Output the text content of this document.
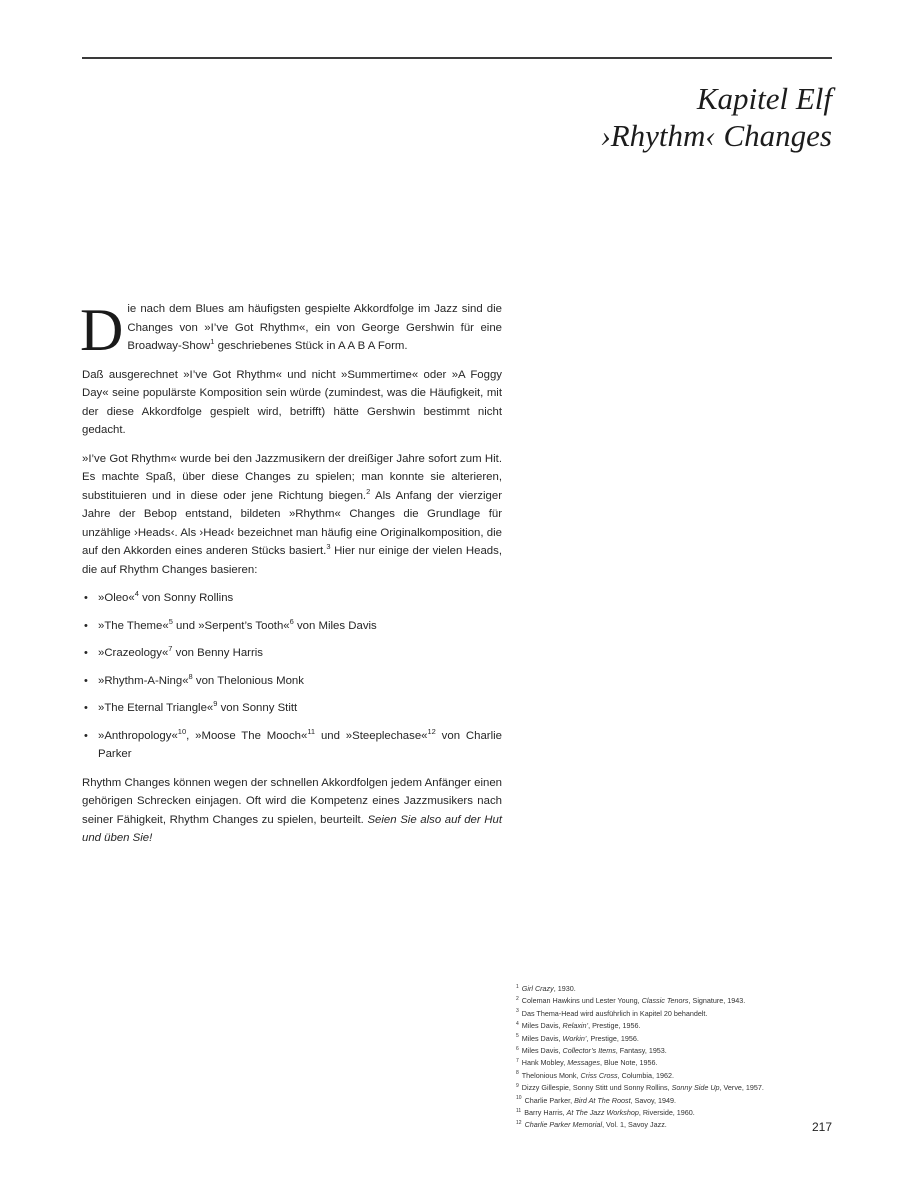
Kapitel Elf
›Rhythm‹ Changes

Die nach dem Blues am häufigsten gespielte Akkordfolge im Jazz sind die Changes von »I’ve Got Rhythm«, ein von George Gershwin für eine Broadway-Show$^1$ geschriebenes Stück in A A B A Form.

Daß ausgerechnet »I’ve Got Rhythm« und nicht »Summertime« oder »A Foggy Day« seine populärste Komposition sein würde (zumindest, was die Häufigkeit, mit der diese Akkordfolge gespielt wird, betrifft) hätte Gershwin bestimmt nicht gedacht.

»I’ve Got Rhythm« wurde bei den Jazzmusikern der dreißiger Jahre sofort zum Hit. Es machte Spaß, über diese Changes zu spielen; man konnte sie alterieren, substituieren und in diese oder jene Richtung biegen.$^2$ Als Anfang der vierziger Jahre der Bebop entstand, bildeten »Rhythm« Changes die Grundlage für unzählige ›Heads‹. Als ›Head‹ bezeichnet man häufig eine Originalkomposition, die auf den Akkorden eines anderen Stücks basiert.$^3$ Hier nur einige der vielen Heads, die auf Rhythm Changes basieren:

• »Oleo«$^4$ von Sonny Rollins
• »The Theme«$^5$ und »Serpent’s Tooth«$^6$ von Miles Davis
• »Crazeology«$^7$ von Benny Harris
• »Rhythm-A-Ning«$^8$ von Thelonious Monk
• »The Eternal Triangle«$^9$ von Sonny Stitt
• »Anthropology«$^{10}$, »Moose The Mooch«$^{11}$ und »Steeplechase«$^{12}$ von Charlie Parker

Rhythm Changes können wegen der schnellen Akkordfolgen jedem Anfänger einen gehörigen Schrecken einjagen. Oft wird die Kompetenz eines Jazzmusikers nach seiner Fähigkeit, Rhythm Changes zu spielen, beurteilt. Seien Sie also auf der Hut und üben Sie!

$^1$ Girl Crazy, 1930.
$^2$ Coleman Hawkins und Lester Young, Classic Tenors, Signature, 1943.
$^3$ Das Thema-Head wird ausführlich in Kapitel 20 behandelt.
$^4$ Miles Davis, Relaxin’, Prestige, 1956.
$^5$ Miles Davis, Workin’, Prestige, 1956.
$^6$ Miles Davis, Collector’s Items, Fantasy, 1953.
$^7$ Hank Mobley, Messages, Blue Note, 1956.
$^8$ Thelonious Monk, Criss Cross, Columbia, 1962.
$^9$ Dizzy Gillespie, Sonny Stitt und Sonny Rollins, Sonny Side Up, Verve, 1957.
$^{10}$ Charlie Parker, Bird At The Roost, Savoy, 1949.
$^{11}$ Barry Harris, At The Jazz Workshop, Riverside, 1960.
$^{12}$ Charlie Parker Memorial, Vol. 1, Savoy Jazz.	217
